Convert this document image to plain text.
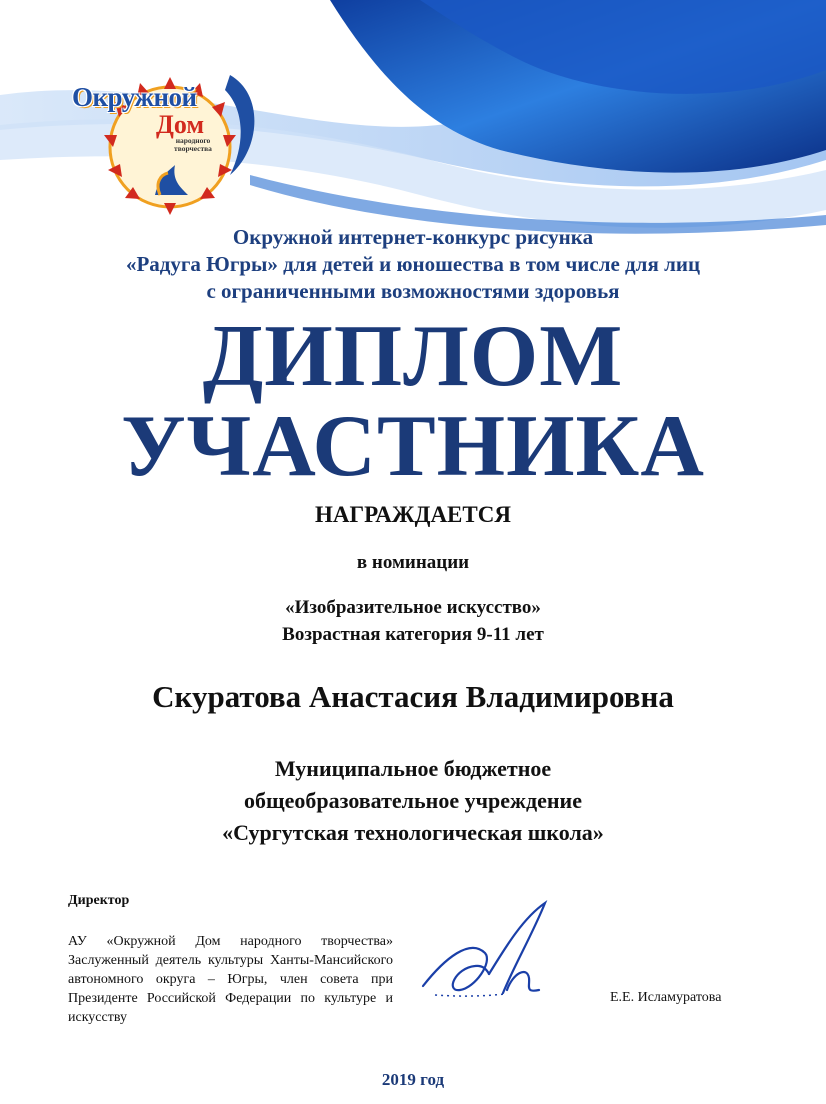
Окружной
Дом
народного творчества
Окружной интернет-конкурс рисунка
«Радуга Югры» для детей и юношества в том числе для лиц
с ограниченными возможностями здоровья
ДИПЛОМ
УЧАСТНИКА
НАГРАЖДАЕТСЯ
в номинации
«Изобразительное искусство»
Возрастная категория 9-11 лет
Скуратова Анастасия Владимировна
Муниципальное бюджетное
общеобразовательное учреждение
«Сургутская технологическая школа»
Директор
АУ «Окружной Дом народного творчества» Заслуженный деятель культуры Ханты-Мансийского автономного округа – Югры, член совета при Президенте Российской Федерации по культуре и искусству
Е.Е. Исламуратова
2019 год
